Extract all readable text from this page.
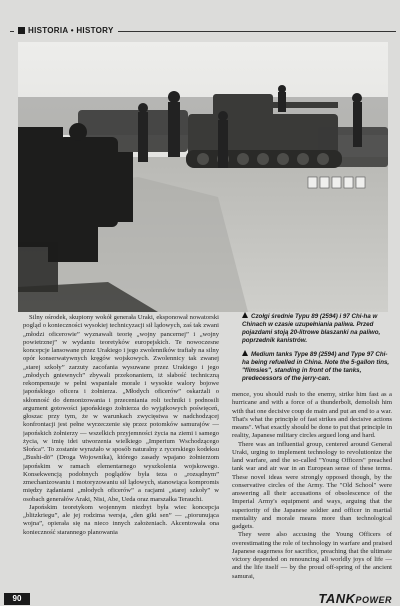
HISTORIA • HISTORY
Czołgi średnie Typu 89 (2594) i 97 Chi-ha w Chinach w czasie uzupełniania paliwa. Przed pojazdami stoją 20-litrowe blaszanki na paliwo, poprzednik kanistrów.
Medium tanks Type 89 (2594) and Type 97 Chi-ha being refuelled in China. Note the 5-gallon tins, "flimsies", standing in front of the tanks, predecessors of the jerry-can.

Silny ośrodek, skupiony wokół generała Uraki, eksponował nowatorski pogląd o konieczności wysokiej technicyzacji sił lądowych, zaś tak zwani „młodzi oficerowie” wyznawali teorię „wojny pancernej” i „wojny powietrznej” w wydaniu teoretyków europejskich. Te nowoczesne koncepcje lansowane przez Urakiego i jego zwolenników trafiały na silny opór konserwatywnych kręgów wojskowych. Zwolennicy tak zwanej „starej szkoły” zarzuty zacofania wysuwane przez Urakiego i jego „młodych gniewnych” zbywali przekonaniem, iż słabość techniczną rekompensuje w pełni wspaniałe morale i wysokie walory bojowe japońskiego oficera i żołnierza. „Młodych oficerów” oskarżali o skłonność do demonizowania i przeceniania roli techniki i podnosili argument gotowości japońskiego żołnierza do wyjątkowych poświęceń, głoszac przy tym, że w warunkach zwycięstwa w nadchodzącej konfrontacji jest pełne wyrzeczenie się przez potomków samurajów — japońskich żołnierzy — wszelkich przyjemności życia na ziemi i samego życia, w imię idei utworzenia wielkiego „Imperium Wschodzącego Słońca”. To zostanie wyrażało w sposób naturalny z rycerskiego kodeksu „Bushi-dō” (Droga Wojownika), którego zasady wpajano żołnierzom japońskim w ramach elementarnego wyszkolenia wojskowego. Konsekwencją podobnych poglądów była teza o „rozsądnym” zmechanizowaniu i motoryzowaniu sił lądowych, stanowiąca kompromis między żądaniami „młodych oficerów” a racjami „starej szkoły” w osobach generałów Araki, Nisi, Abe, Ueda oraz marszałka Terauchi.

Japońskim teoretykom wojennym niezbyt była wiec koncepcja „blitzkriegu”, ale jej rodzima wersja, „den gīki sen” — „piorunująca wojna”, opierała się na nieco innych założeniach. Akcentowała ona konieczność starannego planowania

mence, you should rush to the enemy, strike him fast as a hurricane and with a force of a thunderbolt, demolish him with that one decisive coup de main and put an end to a war. That's what the principle of fast strikes and decisive actions means". What exactly should be done to put that principle in reality, Japanese military circles argued long and hard.

There was an influential group, centered around General Uraki, urging to implement technology to revolutionize the land warfare, and the so-called "Young Officers" preached tank war and air war in an European sense of these terms. These novel ideas were strongly opposed though, by the conservative circles of the Army. The "Old School" were answering all their accusations of obsolescence of the Imperial Army's equipment and ways, arguing that the superiority of the Japanese soldier and officer in martial mentality and morale means more than technological gadgets.

They were also accusing the Young Officers of overestimating the role of technology in warfare and praised Japanese eagerness for sacrifice, preaching that the ultimate victory depended on renouncing all worldly joys of life — and the life itself — by the proud off-spring of the ancient samurai,

90	TANKPOWER
